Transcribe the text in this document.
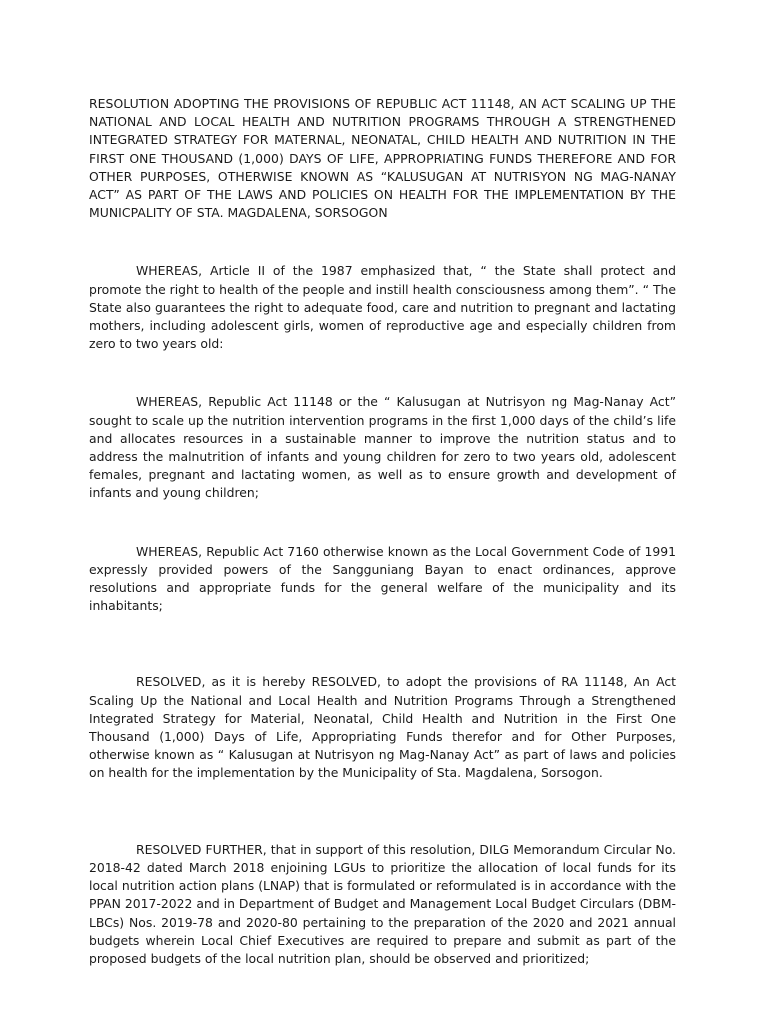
RESOLUTION ADOPTING THE PROVISIONS OF REPUBLIC ACT 11148, AN ACT SCALING UP THE NATIONAL AND LOCAL HEALTH AND NUTRITION PROGRAMS THROUGH A STRENGTHENED INTEGRATED STRATEGY FOR MATERNAL, NEONATAL, CHILD HEALTH AND NUTRITION IN THE FIRST ONE THOUSAND (1,000) DAYS OF LIFE, APPROPRIATING FUNDS THEREFORE AND FOR OTHER PURPOSES, OTHERWISE KNOWN AS “KALUSUGAN AT NUTRISYON NG MAG-NANAY ACT” AS PART OF THE LAWS AND POLICIES ON HEALTH FOR THE IMPLEMENTATION BY THE MUNICPALITY OF STA. MAGDALENA, SORSOGON

WHEREAS, Article II of the 1987 emphasized that, “ the State shall protect and promote the right to health of the people and instill health consciousness among them”. “ The State also guarantees the right to adequate food, care and nutrition to pregnant and lactating mothers, including adolescent girls, women of reproductive age and especially children from zero to two years old:

WHEREAS, Republic Act 11148 or the “ Kalusugan at Nutrisyon ng Mag-Nanay Act” sought to scale up the nutrition intervention programs in the first 1,000 days of the child’s life and allocates resources in a sustainable manner to improve the nutrition status and to address the malnutrition of infants and young children for zero to two years old, adolescent females, pregnant and lactating women, as well as to ensure growth and development of infants and young children;

WHEREAS, Republic Act 7160 otherwise known as the Local Government Code of 1991 expressly provided powers of the Sangguniang Bayan to enact ordinances, approve resolutions and appropriate funds for the general welfare of the municipality and its inhabitants;

RESOLVED, as it is hereby RESOLVED, to adopt the provisions of RA 11148, An Act Scaling Up the National and Local Health and Nutrition Programs Through a Strengthened Integrated Strategy for Material, Neonatal, Child Health and Nutrition in the First One Thousand (1,000) Days of Life, Appropriating Funds therefor and for Other Purposes, otherwise known as “ Kalusugan at Nutrisyon ng Mag-Nanay Act” as part of laws and policies on health for the implementation by the Municipality of Sta. Magdalena, Sorsogon.

RESOLVED FURTHER, that in support of this resolution, DILG Memorandum Circular No. 2018-42 dated March 2018 enjoining LGUs to prioritize the allocation of local funds for its local nutrition action plans (LNAP) that is formulated or reformulated is in accordance with the PPAN 2017-2022 and in Department of Budget and Management Local Budget Circulars (DBM-LBCs) Nos. 2019-78 and 2020-80 pertaining to the preparation of the 2020 and 2021 annual budgets wherein Local Chief Executives are required to prepare and submit as part of the proposed budgets of the local nutrition plan, should be observed and prioritized;
